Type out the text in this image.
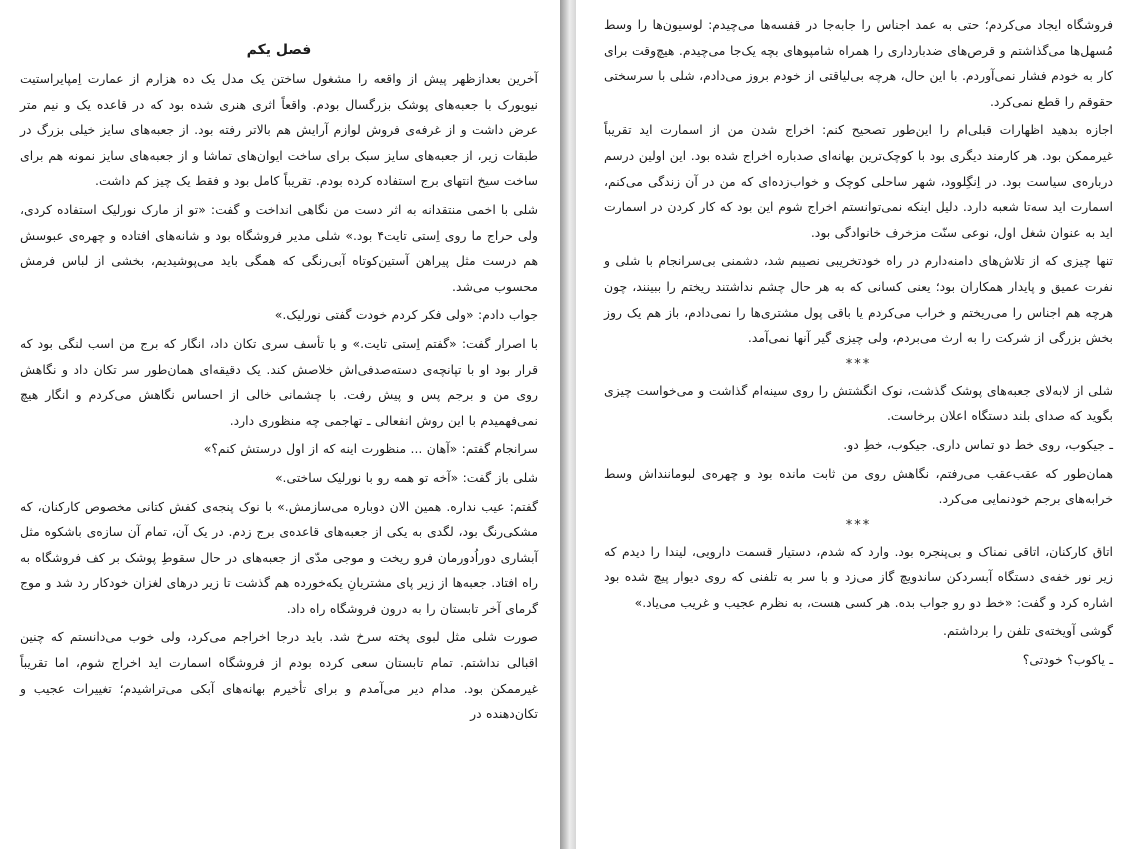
فصل یکم

آخرین بعدازظهر پیش از واقعه را مشغول ساختن یک مدل یک ده هزارم از عمارت اِمپایراستیت نیویورک با جعبه‌های پوشک بزرگسال بودم. واقعاً اثری هنری شده بود که در قاعده یک و نیم متر عرض داشت و از غرفه‌ی فروش لوازم آرایش هم بالاتر رفته بود. از جعبه‌های سایز خیلی بزرگ در طبقات زیر، از جعبه‌های سایز سبک برای ساخت ایوان‌های تماشا و از جعبه‌های سایز نمونه هم برای ساخت سیخ انتهای برج استفاده کرده بودم. تقریباً کامل بود و فقط یک چیز کم داشت.

شلی با اخمی منتقدانه به اثر دست من نگاهی انداخت و گفت: «تو از مارک نورلیک استفاده کردی، ولی حراج ما روی اِستی تایت۴ بود.» شلی مدیر فروشگاه بود و شانه‌های افتاده و چهره‌ی عبوسش هم درست مثل پیراهن آستین‌کوتاه آبی‌رنگی که همگی باید می‌پوشیدیم، بخشی از لباس فرمش محسوب می‌شد.

جواب دادم: «ولی فکر کردم خودت گفتی نورلیک.»

با اصرار گفت: «گفتم اِستی تایت.» و با تأسف سری تکان داد، انگار که برج من اسب لنگی بود که قرار بود او با تپانچه‌ی دسته‌صدفی‌اش خلاصش کند. یک دقیقه‌ای همان‌طور سر تکان داد و نگاهش روی من و برجم پس و پیش رفت. با چشمانی خالی از احساس نگاهش می‌کردم و انگار هیچ نمی‌فهمیدم با این روش انفعالی ـ تهاجمی چه منظوری دارد.

سرانجام گفتم: «آهان ... منظورت اینه که از اول درستش کنم؟»

شلی باز گفت: «آخه تو همه رو با نورلیک ساختی.»

گفتم: عیب نداره. همین الان دوباره می‌سازمش.» با نوک پنجه‌ی کفش کتانی مخصوص کارکنان، که مشکی‌رنگ بود، لگدی به یکی از جعبه‌های قاعده‌ی برج زدم. در یک آن، تمام آن سازه‌ی باشکوه مثل آبشاری دوراُدورمان فرو ریخت و موجی مدّی از جعبه‌های در حال سقوطِ پوشک بر کف فروشگاه به راه افتاد. جعبه‌ها از زیر پای مشتریانِ یکه‌خورده هم گذشت تا زیر درهای لغزان خودکار رد شد و موج گرمای آخر تابستان را به درون فروشگاه راه داد.

صورت شلی مثل لبوی پخته سرخ شد. باید درجا اخراجم می‌کرد، ولی خوب می‌دانستم که چنین اقبالی نداشتم. تمام تابستان سعی کرده بودم از فروشگاه اسمارت اید اخراج شوم، اما تقریباً غیرممکن بود. مدام دیر می‌آمدم و برای تأخیرم بهانه‌های آبکی می‌تراشیدم؛ تغییرات عجیب و تکان‌دهنده در

فروشگاه ایجاد می‌کردم؛ حتی به عمد اجناس را جابه‌جا در قفسه‌ها می‌چیدم: لوسیون‌ها را وسط مُسهل‌ها می‌گذاشتم و قرص‌های ضدبارداری را همراه شامپوهای بچه یک‌جا می‌چیدم. هیچ‌وقت برای کار به خودم فشار نمی‌آوردم. با این حال، هرچه بی‌لیاقتی از خودم بروز می‌دادم، شلی با سرسختی حقوقم را قطع نمی‌کرد.

اجازه بدهید اظهارات قبلی‌ام را این‌طور تصحیح کنم: اخراج شدن من از اسمارت اید تقریباً غیرممکن بود. هر کارمند دیگری بود با کوچک‌ترین بهانه‌ای صدباره اخراج شده بود. این اولین درسم درباره‌ی سیاست بود. در اِنگِلوود، شهر ساحلی کوچک و خواب‌زده‌ای که من در آن زندگی می‌کنم، اسمارت اید سه‌تا شعبه دارد. دلیل اینکه نمی‌توانستم اخراج شوم این بود که کار کردن در اسمارت اید به عنوان شغل اول، نوعی سنّت مزخرف خانوادگی بود.

تنها چیزی که از تلاش‌های دامنه‌دارم در راه خودتخریبی نصیبم شد، دشمنی بی‌سرانجام با شلی و نفرت عمیق و پایدار همکاران بود؛ یعنی کسانی که به هر حال چشم نداشتند ریختم را ببینند، چون هرچه هم اجناس را می‌ریختم و خراب می‌کردم یا باقی پول مشتری‌ها را نمی‌دادم، باز هم یک روز بخش بزرگی از شرکت را به ارث می‌بردم، ولی چیزی گیر آنها نمی‌آمد.

***

شلی از لابه‌لای جعبه‌های پوشک گذشت، نوک انگشتش را روی سینه‌ام گذاشت و می‌خواست چیزی بگوید که صدای بلند دستگاه اعلان برخاست.

ـ جیکوب، روی خط دو تماس داری. جیکوب، خطِ دو.

همان‌طور که عقب‌عقب می‌رفتم، نگاهش روی من ثابت مانده بود و چهره‌ی لبوماننداش وسط خرابه‌های برجم خودنمایی می‌کرد.

***

اتاق کارکنان، اتاقی نمناک و بی‌پنجره بود. وارد که شدم، دستیار قسمت دارویی، لیندا را دیدم که زیر نور خفه‌ی دستگاه آبسردکن ساندویچ گاز می‌زد و با سر به تلفنی که روی دیوار پیچ شده بود اشاره کرد و گفت: «خط دو رو جواب بده. هر کسی هست، به نظرم عجیب و غریب می‌یاد.»

گوشی آویخته‌ی تلفن را برداشتم.

ـ یاکوب؟ خودتی؟
